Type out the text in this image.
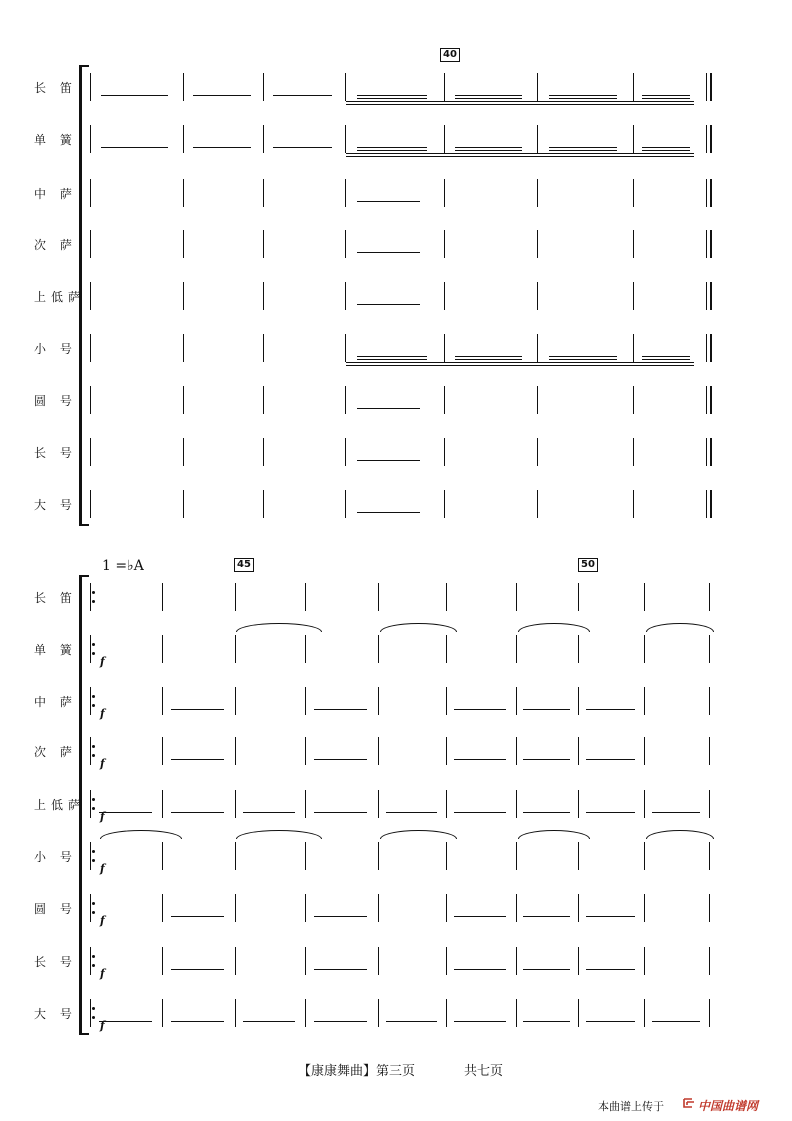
长 笛
单 簧
中 萨
次 萨
上低萨
小 号
圆 号
长 号
大 号
长 笛
单 簧
中 萨
次 萨
上低萨
小 号
圆 号
长 号
大 号
40
1 =♭A	45	50
f
f
f
f
f
f
f
f
【康康舞曲】第三页	共七页
本曲谱上传于	中国曲谱网
